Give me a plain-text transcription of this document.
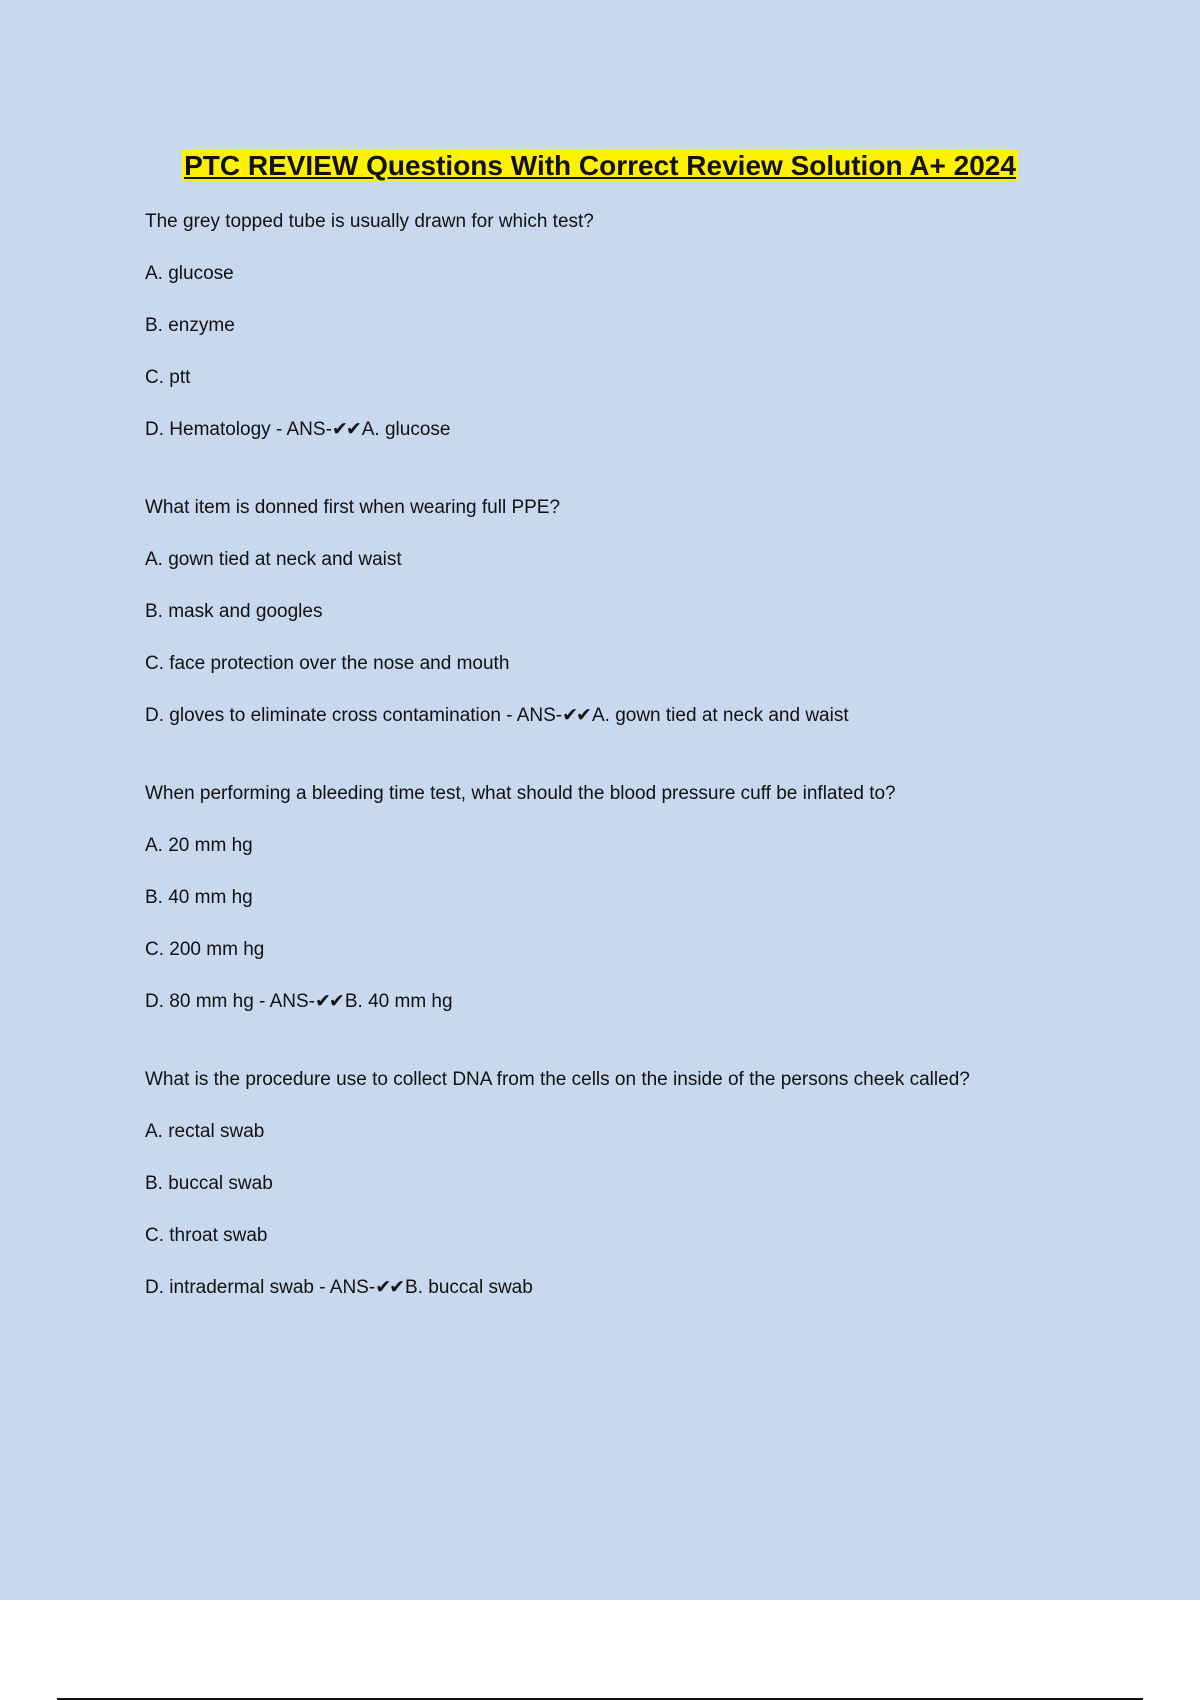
PTC REVIEW Questions With Correct Review Solution A+ 2024
The grey topped tube is usually drawn for which test?
A. glucose
B. enzyme
C. ptt
D. Hematology - ANS-✔✔ A. glucose
What item is donned first when wearing full PPE?
A. gown tied at neck and waist
B. mask and googles
C. face protection over the nose and mouth
D. gloves to eliminate cross contamination - ANS-✔✔ A. gown tied at neck and waist
When performing a bleeding time test, what should the blood pressure cuff be inflated to?
A. 20 mm hg
B. 40 mm hg
C. 200 mm hg
D. 80 mm hg - ANS-✔✔ B. 40 mm hg
What is the procedure use to collect DNA from the cells on the inside of the persons cheek called?
A. rectal swab
B. buccal swab
C. throat swab
D. intradermal swab - ANS-✔✔ B. buccal swab
